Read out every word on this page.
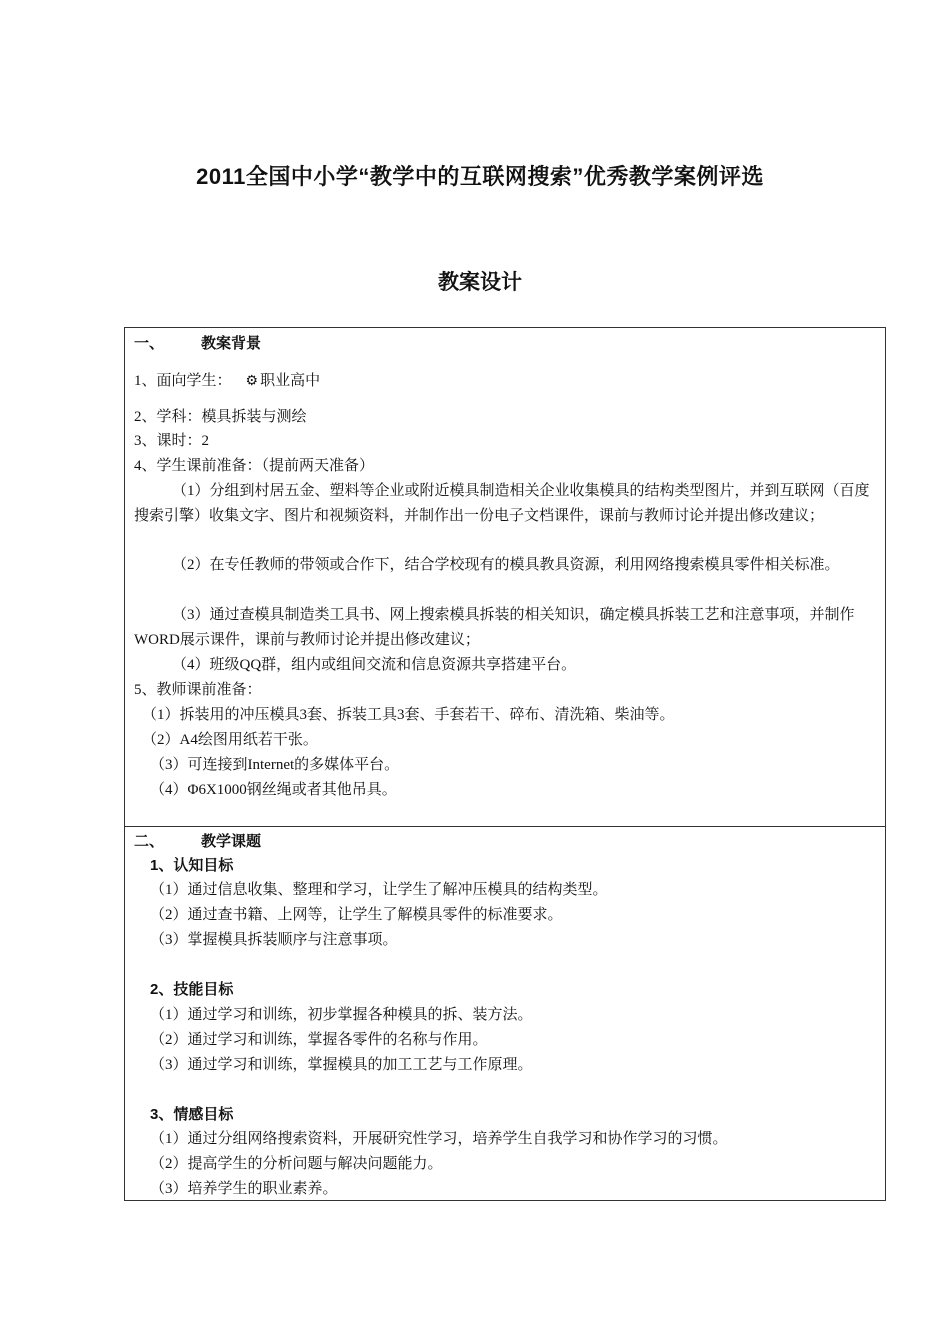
2011全国中小学“教学中的互联网搜索”优秀教学案例评选
教案设计
一、 教案背景
1、面向学生： ⚙ 职业高中
2、学科：模具拆装与测绘
3、课时：2
4、学生课前准备：（提前两天准备）
（1）分组到村居五金、塑料等企业或附近模具制造相关企业收集模具的结构类型图片，并到互联网（百度搜索引擎）收集文字、图片和视频资料，并制作出一份电子文档课件，课前与教师讨论并提出修改建议；
（2）在专任教师的带领或合作下，结合学校现有的模具教具资源，利用网络搜索模具零件相关标准。
（3）通过查模具制造类工具书、网上搜索模具拆装的相关知识，确定模具拆装工艺和注意事项，并制作WORD展示课件，课前与教师讨论并提出修改建议；
（4）班级QQ群，组内或组间交流和信息资源共享搭建平台。
5、教师课前准备：
（1）拆装用的冲压模具3套、拆装工具3套、手套若干、碎布、清洗箱、柴油等。
（2）A4绘图用纸若干张。
（3）可连接到Internet的多媒体平台。
（4）Φ6X1000钢丝绳或者其他吊具。
二、 教学课题
1、认知目标
（1）通过信息收集、整理和学习，让学生了解冲压模具的结构类型。
（2）通过查书籍、上网等，让学生了解模具零件的标准要求。
（3）掌握模具拆装顺序与注意事项。
2、技能目标
（1）通过学习和训练，初步掌握各种模具的拆、装方法。
（2）通过学习和训练，掌握各零件的名称与作用。
（3）通过学习和训练，掌握模具的加工工艺与工作原理。
3、情感目标
（1）通过分组网络搜索资料，开展研究性学习，培养学生自我学习和协作学习的习惯。
（2）提高学生的分析问题与解决问题能力。
（3）培养学生的职业素养。
